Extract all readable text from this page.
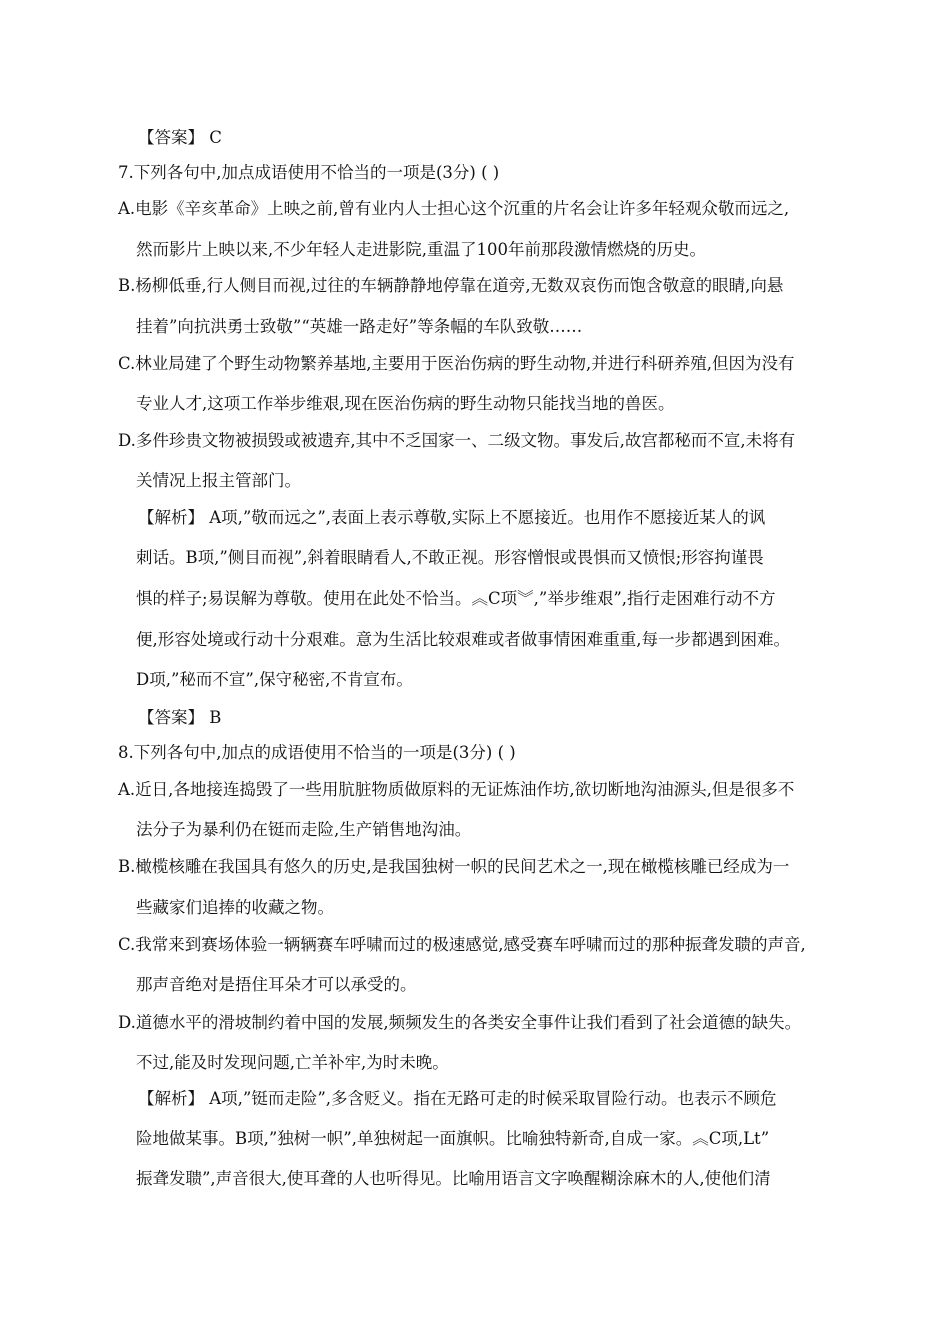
【答案】 C
7.下列各句中,加点成语使用不恰当的一项是(3分) ( )
A.电影《辛亥革命》上映之前,曾有业内人士担心这个沉重的片名会让许多年轻观众敬而远之,
然而影片上映以来,不少年轻人走进影院,重温了100年前那段激情燃烧的历史。
B.杨柳低垂,行人侧目而视,过往的车辆静静地停靠在道旁,无数双哀伤而饱含敬意的眼睛,向悬
挂着”向抗洪勇士致敬”“英雄一路走好”等条幅的车队致敬……
C.林业局建了个野生动物繁养基地,主要用于医治伤病的野生动物,并进行科研养殖,但因为没有
专业人才,这项工作举步维艰,现在医治伤病的野生动物只能找当地的兽医。
D.多件珍贵文物被损毁或被遗弃,其中不乏国家一、二级文物。事发后,故宫都秘而不宣,未将有
关情况上报主管部门。
【解析】 A项,”敬而远之”,表面上表示尊敬,实际上不愿接近。也用作不愿接近某人的讽
刺话。B项,”侧目而视”,斜着眼睛看人,不敢正视。形容憎恨或畏惧而又愤恨;形容拘谨畏
惧的样子;易误解为尊敬。使用在此处不恰当。︽C项︾,”举步维艰”,指行走困难行动不方
便,形容处境或行动十分艰难。意为生活比较艰难或者做事情困难重重,每一步都遇到困难。
D项,”秘而不宣”,保守秘密,不肯宣布。
【答案】 B
8.下列各句中,加点的成语使用不恰当的一项是(3分) ( )
A.近日,各地接连捣毁了一些用肮脏物质做原料的无证炼油作坊,欲切断地沟油源头,但是很多不
法分子为暴利仍在铤而走险,生产销售地沟油。
B.橄榄核雕在我国具有悠久的历史,是我国独树一帜的民间艺术之一,现在橄榄核雕已经成为一
些藏家们追捧的收藏之物。
C.我常来到赛场体验一辆辆赛车呼啸而过的极速感觉,感受赛车呼啸而过的那种振聋发聩的声音,
那声音绝对是捂住耳朵才可以承受的。
D.道德水平的滑坡制约着中国的发展,频频发生的各类安全事件让我们看到了社会道德的缺失。
不过,能及时发现问题,亡羊补牢,为时未晚。
【解析】 A项,”铤而走险”,多含贬义。指在无路可走的时候采取冒险行动。也表示不顾危
险地做某事。B项,”独树一帜”,单独树起一面旗帜。比喻独特新奇,自成一家。︽C项,Lt”
振聋发聩”,声音很大,使耳聋的人也听得见。比喻用语言文字唤醒糊涂麻木的人,使他们清
